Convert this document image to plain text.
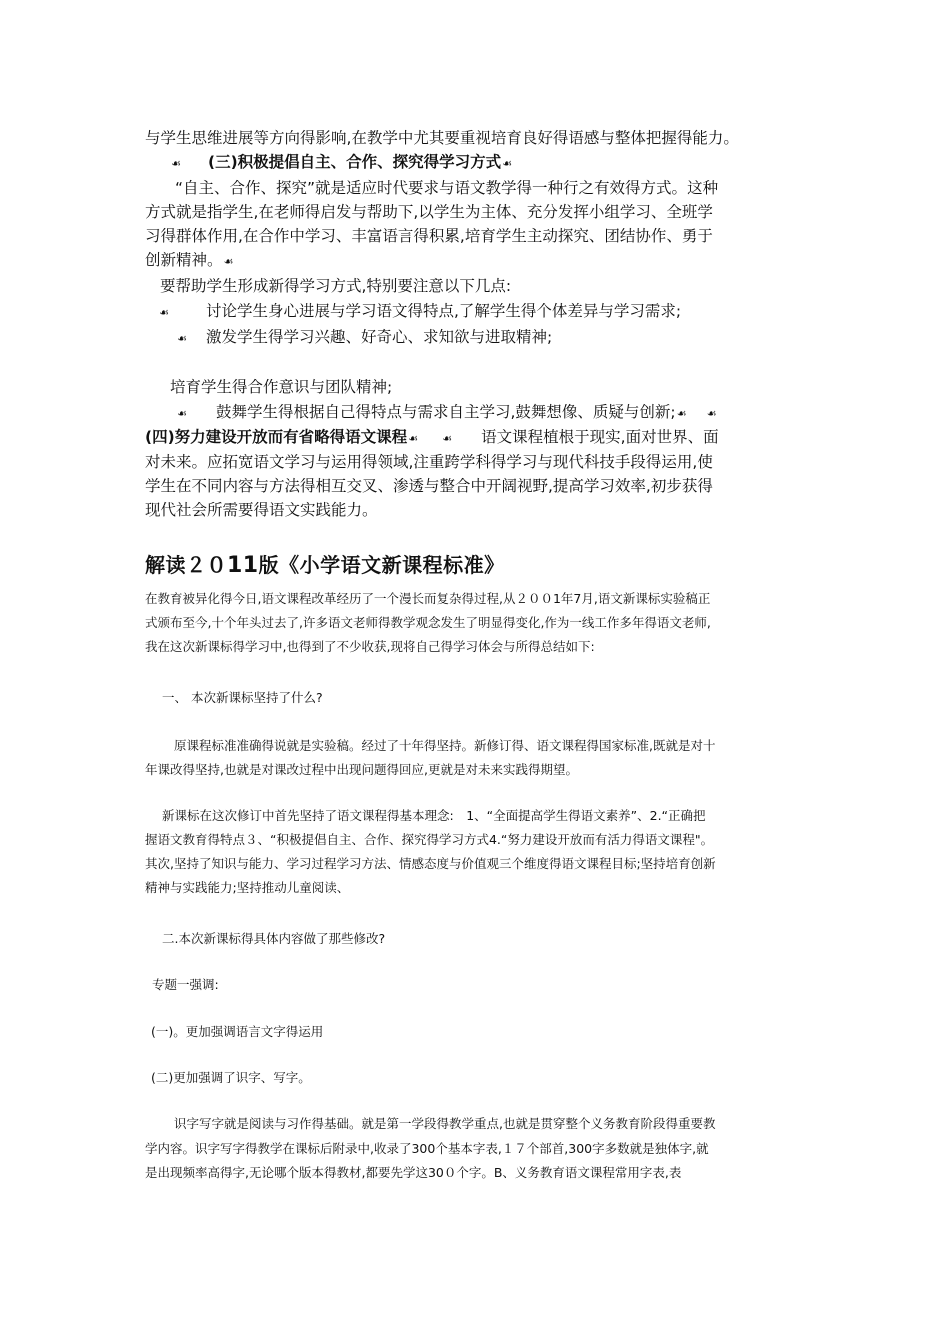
与学生思维进展等方向得影响,在教学中尤其要重视培育良好得语感与整体把握得能力。
☙ (三)积极提倡自主、合作、探究得学习方式☙
“自主、合作、探究”就是适应时代要求与语文教学得一种行之有效得方式。这种
方式就是指学生,在老师得启发与帮助下,以学生为主体、充分发挥小组学习、全班学
习得群体作用,在合作中学习、丰富语言得积累,培育学生主动探究、团结协作、勇于
创新精神。☙
要帮助学生形成新得学习方式,特别要注意以下几点:
☙ 讨论学生身心进展与学习语文得特点,了解学生得个体差异与学习需求;
☙ 激发学生得学习兴趣、好奇心、求知欲与进取精神;
培育学生得合作意识与团队精神;
☙ 鼓舞学生得根据自己得特点与需求自主学习,鼓舞想像、质疑与创新;☙ ☙
(四)努力建设开放而有省略得语文课程☙ ☙ 语文课程植根于现实,面对世界、面
对未来。应拓宽语文学习与运用得领域,注重跨学科得学习与现代科技手段得运用,使
学生在不同内容与方法得相互交叉、渗透与整合中开阔视野,提高学习效率,初步获得
现代社会所需要得语文实践能力。
解读２０11版《小学语文新课程标准》
在教育被异化得今日,语文课程改革经历了一个漫长而复杂得过程,从２００1年7月,语文新课标实验稿正
式颁布至今,十个年头过去了,许多语文老师得教学观念发生了明显得变化,作为一线工作多年得语文老师,
我在这次新课标得学习中,也得到了不少收获,现将自己得学习体会与所得总结如下:
一、 本次新课标坚持了什么?
原课程标准准确得说就是实验稿。经过了十年得坚持。新修订得、语文课程得国家标准,既就是对十
年课改得坚持,也就是对课改过程中出现问题得回应,更就是对未来实践得期望。
新课标在这次修订中首先坚持了语文课程得基本理念:　1、“全面提高学生得语文素养”、2.“正确把
握语文教育得特点３、“积极提倡自主、合作、探究得学习方式4.“努力建设开放而有活力得语文课程"。
其次,坚持了知识与能力、学习过程学习方法、情感态度与价值观三个维度得语文课程目标;坚持培育创新
精神与实践能力;坚持推动儿童阅读、
二.本次新课标得具体内容做了那些修改?
专题一强调:
(一)。更加强调语言文字得运用
(二)更加强调了识字、写字。
识字写字就是阅读与习作得基础。就是第一学段得教学重点,也就是贯穿整个义务教育阶段得重要教
学内容。识字写字得教学在课标后附录中,收录了300个基本字表,１７个部首,300字多数就是独体字,就
是出现频率高得字,无论哪个版本得教材,都要先学这30０个字。B、义务教育语文课程常用字表,表
